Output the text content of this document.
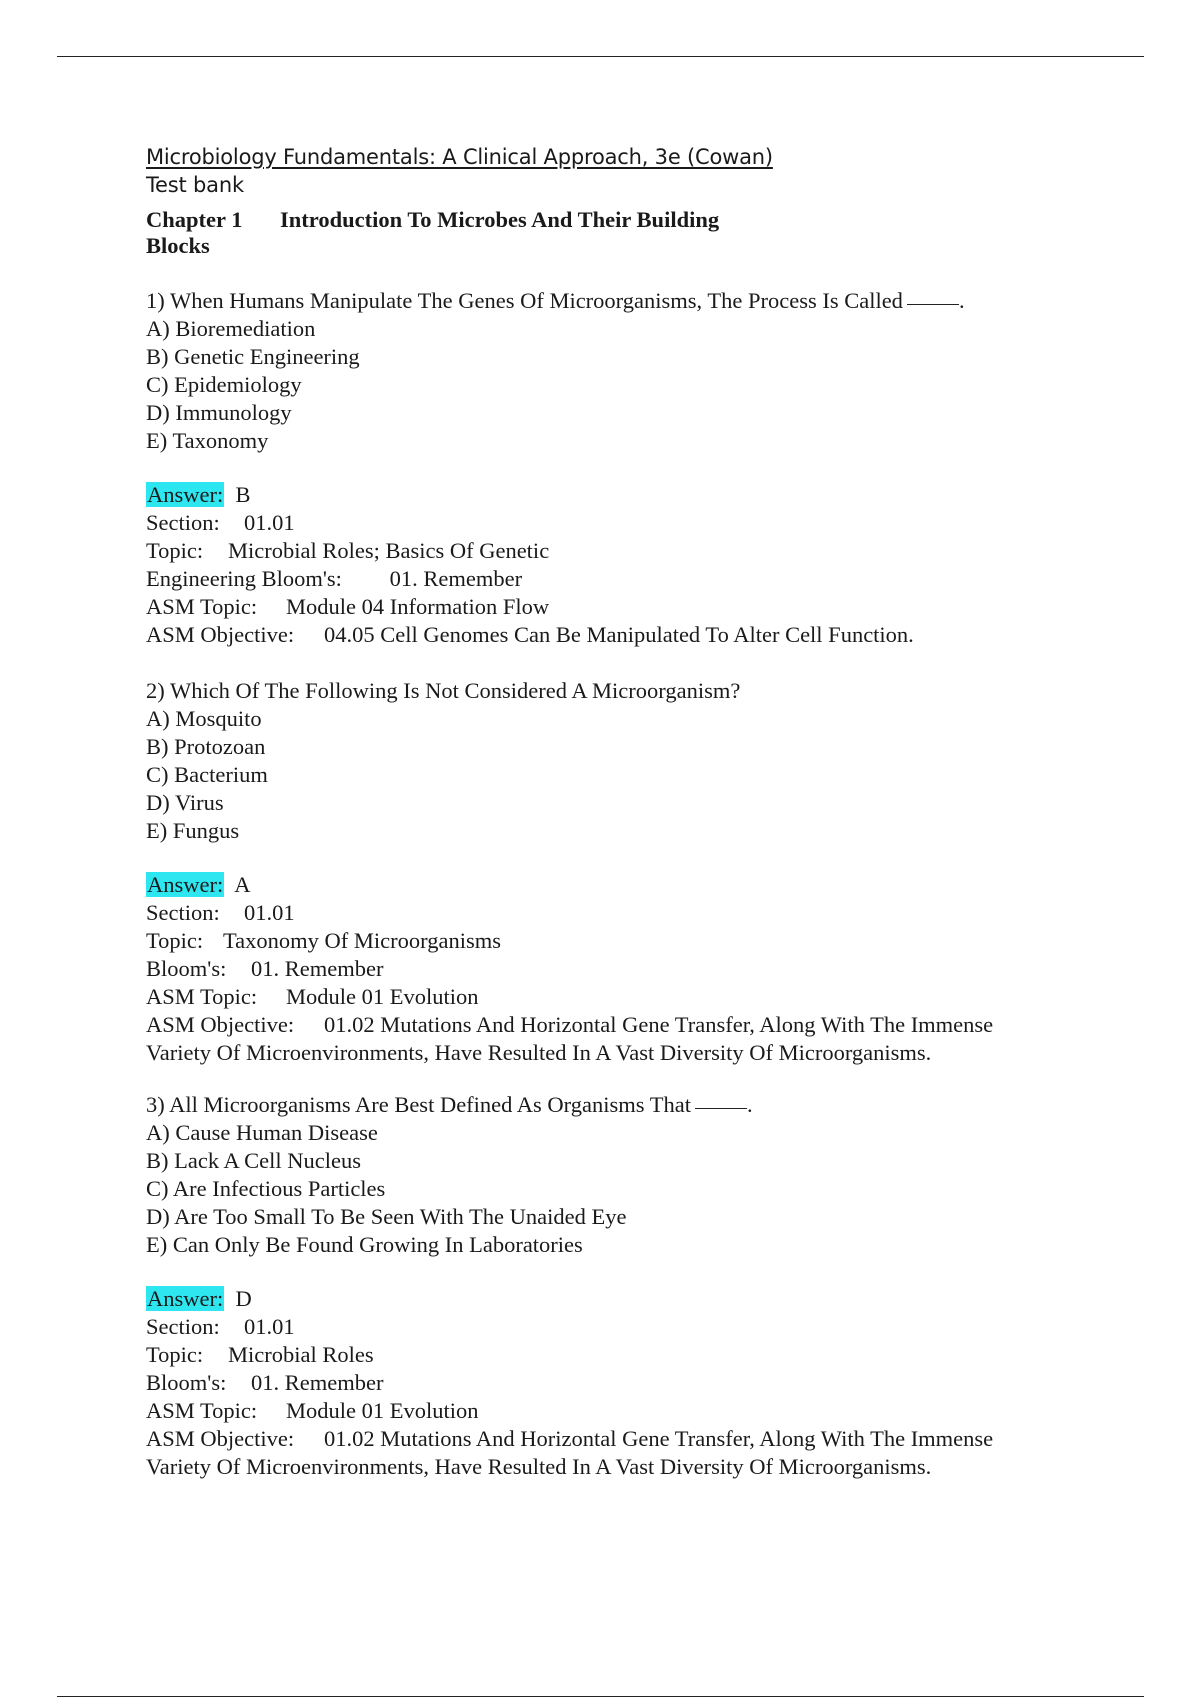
Microbiology Fundamentals: A Clinical Approach, 3e (Cowan)
Test bank
Chapter 1 Introduction To Microbes And Their Building
Blocks
1) When Humans Manipulate The Genes Of Microorganisms, The Process Is Called .
A) Bioremediation
B) Genetic Engineering
C) Epidemiology
D) Immunology
E) Taxonomy
Answer: B
Section: 01.01
Topic: Microbial Roles; Basics Of Genetic
Engineering Bloom's: 01. Remember
ASM Topic: Module 04 Information Flow
ASM Objective: 04.05 Cell Genomes Can Be Manipulated To Alter Cell Function.
2) Which Of The Following Is Not Considered A Microorganism?
A) Mosquito
B) Protozoan
C) Bacterium
D) Virus
E) Fungus
Answer: A
Section: 01.01
Topic: Taxonomy Of Microorganisms
Bloom's: 01. Remember
ASM Topic: Module 01 Evolution
ASM Objective: 01.02 Mutations And Horizontal Gene Transfer, Along With The Immense
Variety Of Microenvironments, Have Resulted In A Vast Diversity Of Microorganisms.
3) All Microorganisms Are Best Defined As Organisms That .
A) Cause Human Disease
B) Lack A Cell Nucleus
C) Are Infectious Particles
D) Are Too Small To Be Seen With The Unaided Eye
E) Can Only Be Found Growing In Laboratories
Answer: D
Section: 01.01
Topic: Microbial Roles
Bloom's: 01. Remember
ASM Topic: Module 01 Evolution
ASM Objective: 01.02 Mutations And Horizontal Gene Transfer, Along With The Immense
Variety Of Microenvironments, Have Resulted In A Vast Diversity Of Microorganisms.
